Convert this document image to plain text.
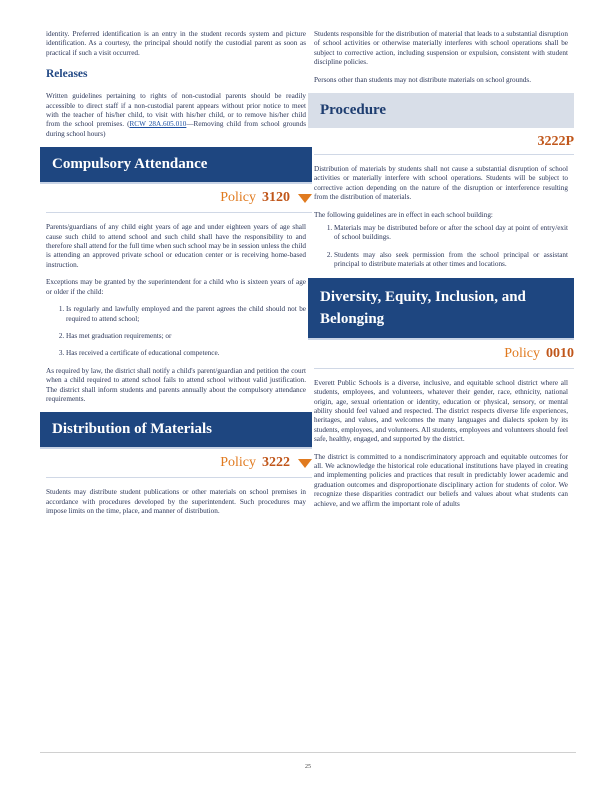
identity. Preferred identification is an entry in the student records system and picture identification. As a courtesy, the principal should notify the custodial parent as soon as practical if such a visit occurred.

Releases

Written guidelines pertaining to rights of non-custodial parents should be readily accessible to direct staff if a non-custodial parent appears without prior notice to meet with the teacher of his/her child, to visit with his/her child, or to remove his/her child from the school premises. (RCW 28A.605.010—Removing child from school grounds during school hours)

Compulsory Attendance
Policy 3120

Parents/guardians of any child eight years of age and under eighteen years of age shall cause such child to attend school and such child shall have the responsibility to and therefore shall attend for the full time when such school may be in session unless the child is attending an approved private school or education center or is receiving home-based instruction.

Exceptions may be granted by the superintendent for a child who is sixteen years of age or older if the child:

1. Is regularly and lawfully employed and the parent agrees the child should not be required to attend school;
2. Has met graduation requirements; or
3. Has received a certificate of educational competence.

As required by law, the district shall notify a child's parent/guardian and petition the court when a child required to attend school fails to attend school without valid justification. The district shall inform students and parents annually about the compulsory attendance requirements.

Distribution of Materials
Policy 3222

Students may distribute student publications or other materials on school premises in accordance with procedures developed by the superintendent. Such procedures may impose limits on the time, place, and manner of distribution.

Students responsible for the distribution of material that leads to a substantial disruption of school activities or otherwise materially interferes with school operations shall be subject to corrective action, including suspension or expulsion, consistent with student discipline policies.

Persons other than students may not distribute materials on school grounds.

Procedure
3222P

Distribution of materials by students shall not cause a substantial disruption of school activities or materially interfere with school operations. Students will be subject to corrective action depending on the nature of the disruption or interference resulting from the distribution of materials.

The following guidelines are in effect in each school building:

1. Materials may be distributed before or after the school day at point of entry/exit of school buildings.
2. Students may also seek permission from the school principal or assistant principal to distribute materials at other times and locations.
Diversity, Equity, Inclusion, and Belonging
Policy 0010

Everett Public Schools is a diverse, inclusive, and equitable school district where all students, employees, and volunteers, whatever their gender, race, ethnicity, national origin, age, sexual orientation or identity, education or physical, sensory, or mental ability should feel valued and respected. The district respects diverse life experiences, heritages, and values, and welcomes the many languages and dialects spoken by its students, employees, and volunteers. All students, employees and volunteers should feel safe, healthy, engaged, and supported by the district.

The district is committed to a nondiscriminatory approach and equitable outcomes for all. We acknowledge the historical role educational institutions have played in creating and implementing policies and practices that result in predictably lower academic and graduation outcomes and disproportionate disciplinary action for students of color. We recognize these disparities contradict our beliefs and values about what students can achieve, and we affirm the important role of adults

25
